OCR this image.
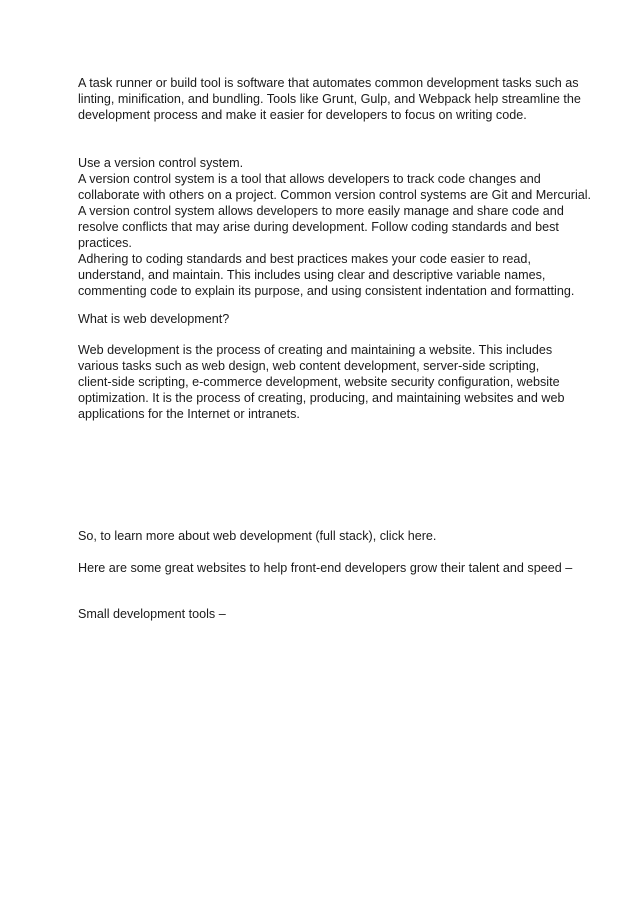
A task runner or build tool is software that automates common development tasks such as
linting, minification, and bundling. Tools like Grunt, Gulp, and Webpack help streamline the
development process and make it easier for developers to focus on writing code.
Use a version control system.
A version control system is a tool that allows developers to track code changes and
collaborate with others on a project. Common version control systems are Git and Mercurial.
A version control system allows developers to more easily manage and share code and
resolve conflicts that may arise during development. Follow coding standards and best
practices.
Adhering to coding standards and best practices makes your code easier to read,
understand, and maintain. This includes using clear and descriptive variable names,
commenting code to explain its purpose, and using consistent indentation and formatting.
What is web development?
Web development is the process of creating and maintaining a website. This includes
various tasks such as web design, web content development, server-side scripting,
client-side scripting, e-commerce development, website security configuration, website
optimization. It is the process of creating, producing, and maintaining websites and web
applications for the Internet or intranets.
So, to learn more about web development (full stack), click here.
Here are some great websites to help front-end developers grow their talent and speed –
Small development tools –
